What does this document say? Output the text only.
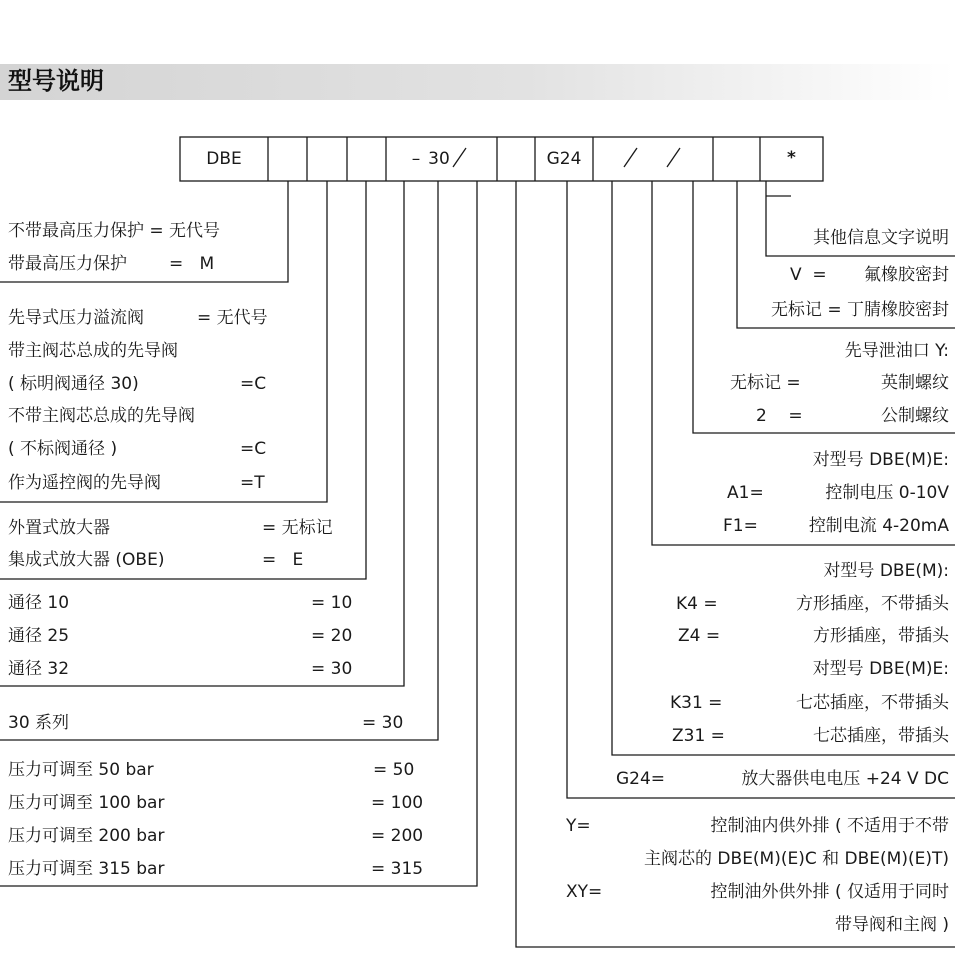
型号说明
DBE	– 30	G24	*
不带最高压力保护 = 无代号
带最高压力保护 =   M
先导式压力溢流阀	= 无代号
带主阀芯总成的先导阀
( 标明阀通径 30)	=C
不带主阀芯总成的先导阀
( 不标阀通径 )	=C
作为遥控阀的先导阀	=T
外置式放大器	= 无标记
集成式放大器 (OBE)	=   E
通径 10	= 10
通径 25	= 20
通径 32	= 30
30 系列	= 30
压力可调至 50 bar	= 50
压力可调至 100 bar	= 100
压力可调至 200 bar	= 200
压力可调至 315 bar	= 315
其他信息文字说明
V  = 氟橡胶密封
无标记 = 丁腈橡胶密封
先导泄油口 Y:
无标记 =	英制螺纹
2    =	公制螺纹
对型号 DBE(M)E:
A1=	控制电压 0-10V
F1=	控制电流 4-20mA
对型号 DBE(M):
K4 =	方形插座，不带插头
Z4 =	方形插座，带插头
对型号 DBE(M)E:
K31 =	七芯插座，不带插头
Z31 =	七芯插座，带插头
G24=	放大器供电电压 +24 V DC
Y=	控制油内供外排 ( 不适用于不带
主阀芯的 DBE(M)(E)C 和 DBE(M)(E)T)
XY=	控制油外供外排 ( 仅适用于同时
带导阀和主阀 )
